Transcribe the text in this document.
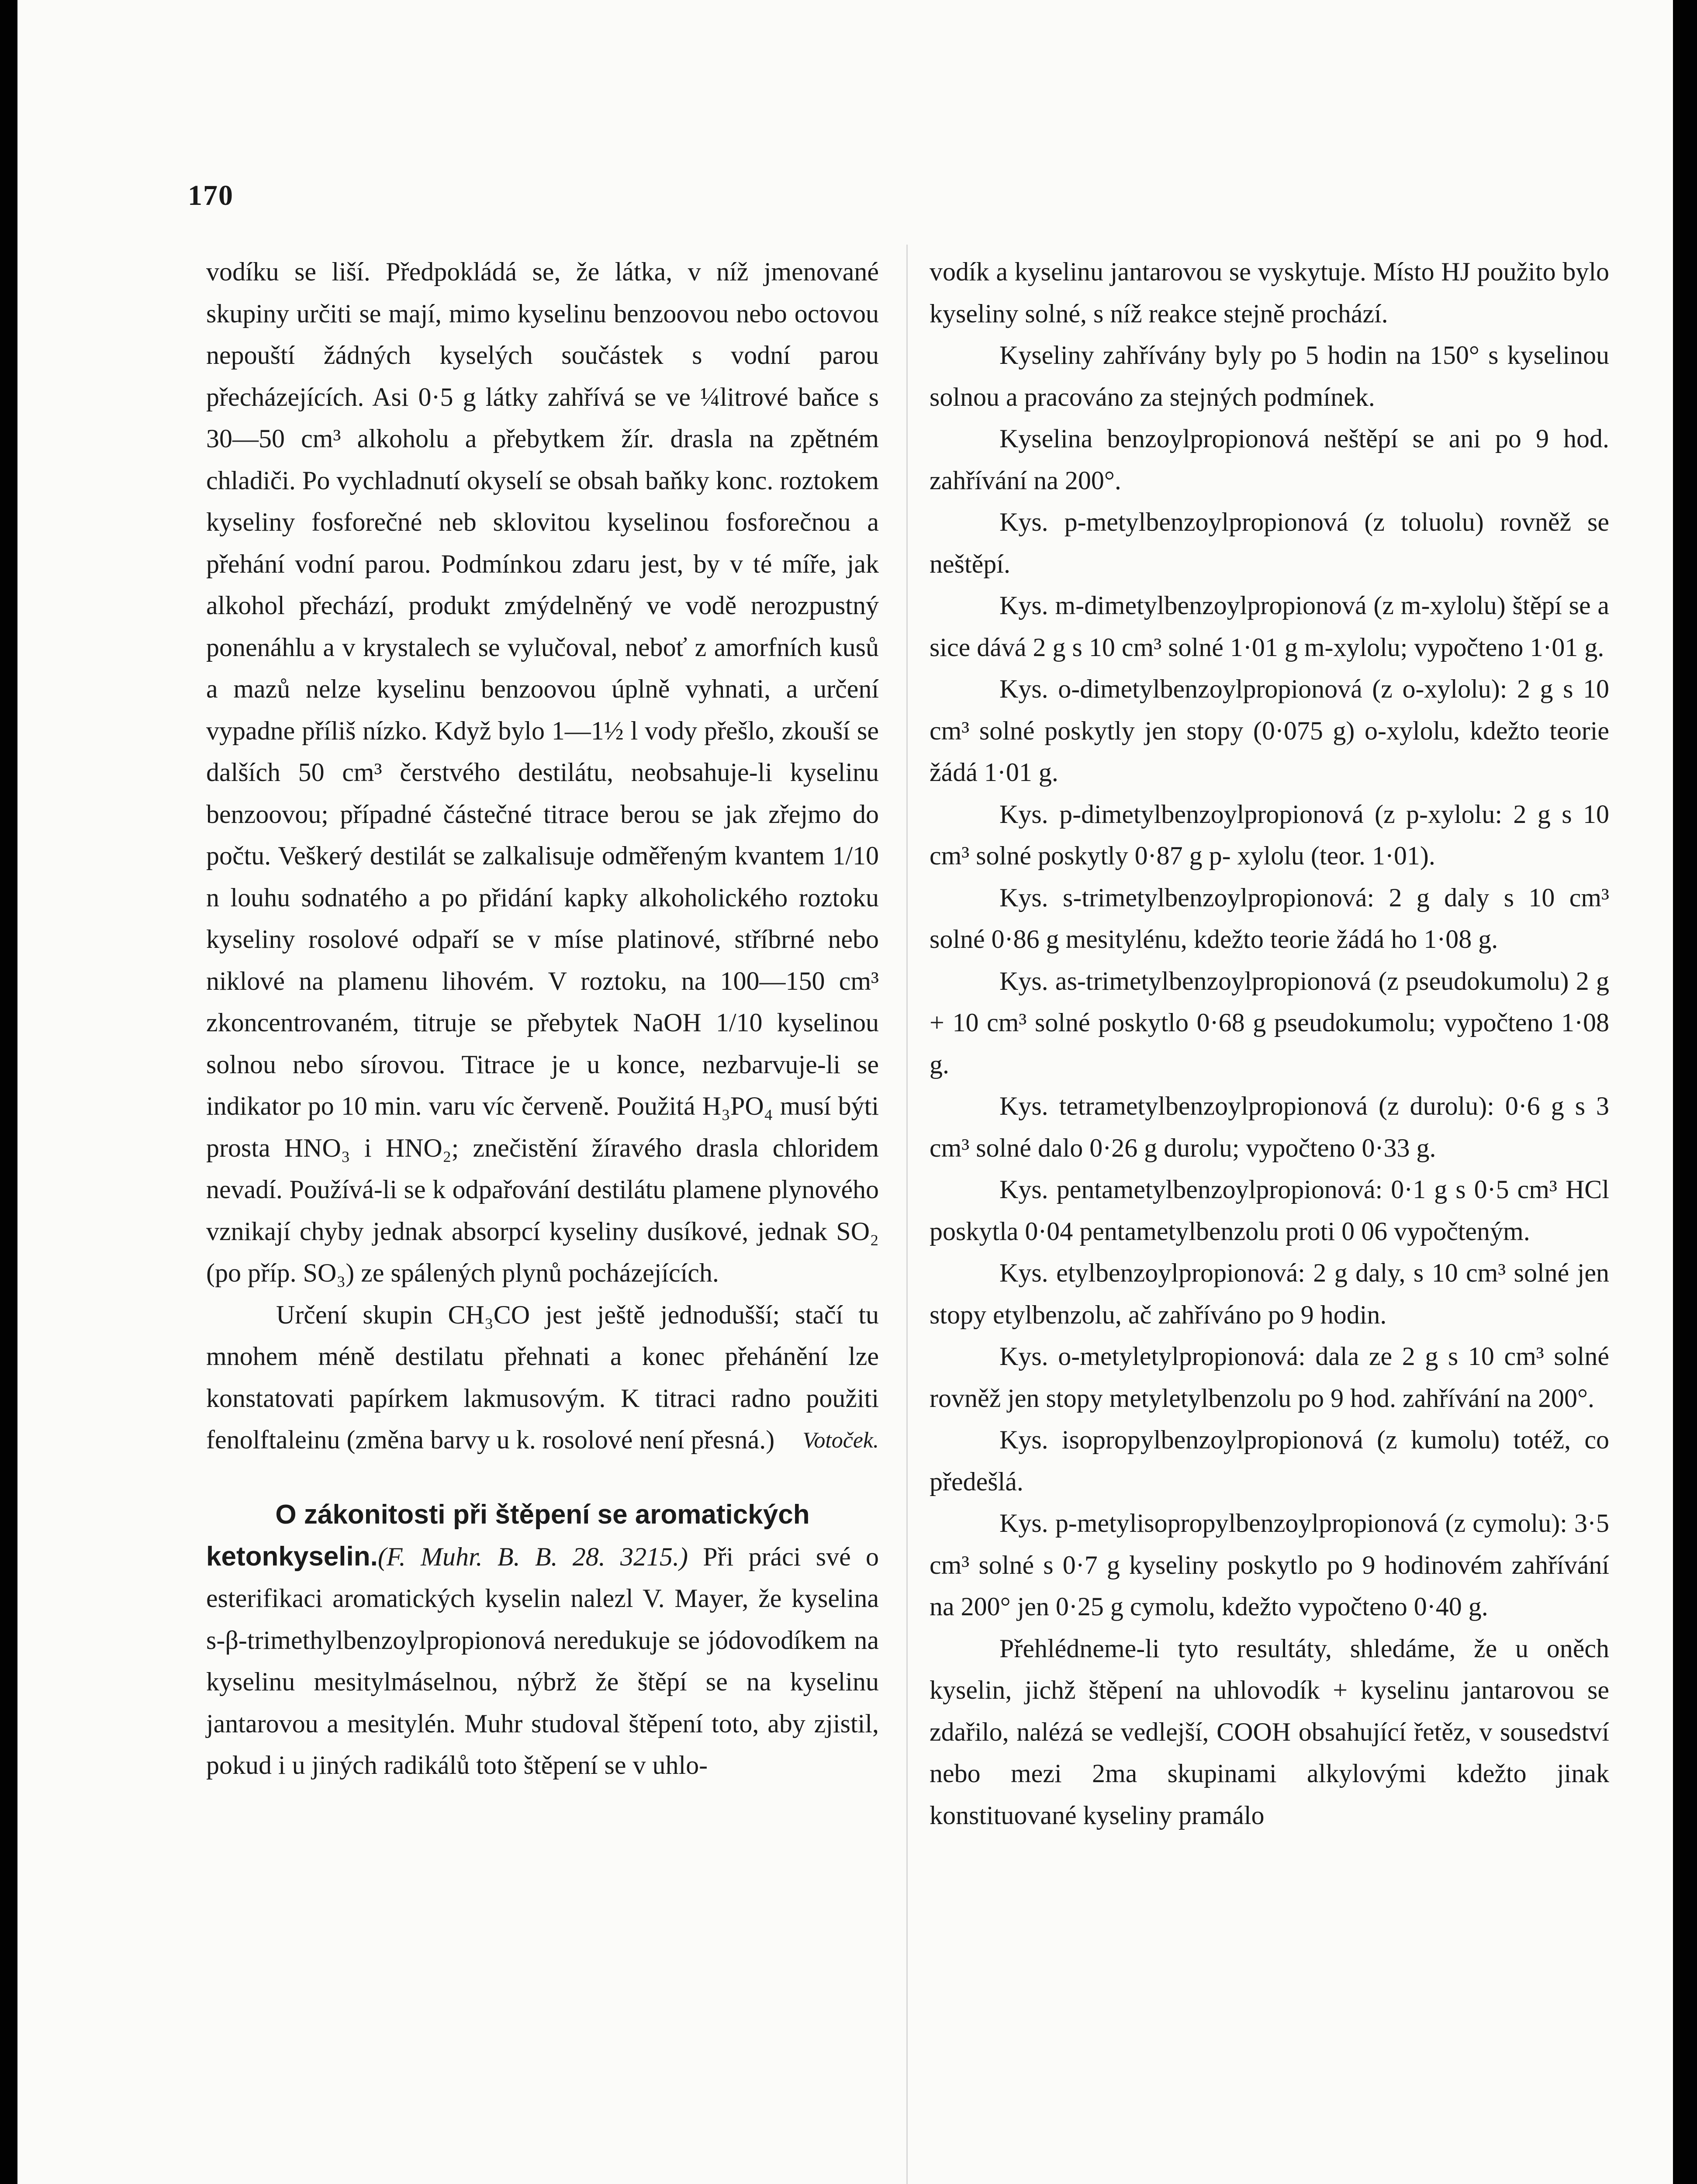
170

vodíku se liší. Předpokládá se, že látka, v níž jmenované skupiny určiti se mají, mimo kyselinu benzoovou nebo octovou nepouští žádných kyselých součástek s vodní parou přecházejících. Asi 0·5 g látky zahřívá se ve ¼litrové baňce s 30—50 cm³ alkoholu a přebytkem žír. drasla na zpětném chladiči. Po vychladnutí okyselí se obsah baňky konc. roztokem kyseliny fosforečné neb sklovitou kyselinou fosforečnou a přehání vodní parou. Podmínkou zdaru jest, by v té míře, jak alkohol přechází, produkt zmýdelněný ve vodě nerozpustný ponenáhlu a v krystalech se vylučoval, neboť z amorfních kusů a mazů nelze kyselinu benzoovou úplně vyhnati, a určení vypadne příliš nízko. Když bylo 1—1½ l vody přešlo, zkouší se dalších 50 cm³ čerstvého destilátu, neobsahuje-li kyselinu benzoovou; případné částečné titrace berou se jak zřejmo do počtu. Veškerý destilát se zalkalisuje odměřeným kvantem 1/10 n louhu sodnatého a po přidání kapky alkoholického roztoku kyseliny rosolové odpaří se v míse platinové, stříbrné nebo niklové na plamenu lihovém. V roztoku, na 100—150 cm³ zkoncentrovaném, titruje se přebytek NaOH 1/10 kyselinou solnou nebo sírovou. Titrace je u konce, nezbarvuje-li se indikator po 10 min. varu víc červeně. Použitá H₃PO₄ musí býti prosta HNO₃ i HNO₂; znečistění žíravého drasla chloridem nevadí. Používá-li se k odpařování destilátu plamene plynového vznikají chyby jednak absorpcí kyseliny dusíkové, jednak SO₂ (po příp. SO₃) ze spálených plynů pocházejících.

Určení skupin CH₃CO jest ještě jednodušší; stačí tu mnohem méně destilatu přehnati a konec přehánění lze konstatovati papírkem lakmusovým. K titraci radno použiti fenolftaleinu (změna barvy u k. rosolové není přesná.)	Votoček.
O zákonitosti při štěpení se aromatických

ketonkyselin.(F. Muhr. B. B. 28. 3215.) Při práci své o esterifikaci aromatických kyselin nalezl V. Mayer, že kyselina s-β-trimethylbenzoylpropionová neredukuje se jódovodíkem na kyselinu mesitylmáselnou, nýbrž že štěpí se na kyselinu jantarovou a mesitylén. Muhr studoval štěpení toto, aby zjistil, pokud i u jiných radikálů toto štěpení se v uhlo-

vodík a kyselinu jantarovou se vyskytuje. Místo HJ použito bylo kyseliny solné, s níž reakce stejně prochází.

Kyseliny zahřívány byly po 5 hodin na 150° s kyselinou solnou a pracováno za stejných podmínek.

Kyselina benzoylpropionová neštěpí se ani po 9 hod. zahřívání na 200°.

Kys. p-metylbenzoylpropionová (z toluolu) rovněž se neštěpí.

Kys. m-dimetylbenzoylpropionová (z m-xylolu) štěpí se a sice dává 2 g s 10 cm³ solné 1·01 g m-xylolu; vypočteno 1·01 g.

Kys. o-dimetylbenzoylpropionová (z o-xylolu): 2 g s 10 cm³ solné poskytly jen stopy (0·075 g) o-xylolu, kdežto teorie žádá 1·01 g.

Kys. p-dimetylbenzoylpropionová (z p-xylolu: 2 g s 10 cm³ solné poskytly 0·87 g p- xylolu (teor. 1·01).

Kys. s-trimetylbenzoylpropionová: 2 g daly s 10 cm³ solné 0·86 g mesitylénu, kdežto teorie žádá ho 1·08 g.

Kys. as-trimetylbenzoylpropionová (z pseudokumolu) 2 g + 10 cm³ solné poskytlo 0·68 g pseudokumolu; vypočteno 1·08 g.

Kys. tetrametylbenzoylpropionová (z durolu): 0·6 g s 3 cm³ solné dalo 0·26 g durolu; vypočteno 0·33 g.

Kys. pentametylbenzoylpropionová: 0·1 g s 0·5 cm³ HCl poskytla 0·04 pentametylbenzolu proti 0 06 vypočteným.

Kys. etylbenzoylpropionová: 2 g daly, s 10 cm³ solné jen stopy etylbenzolu, ač zahříváno po 9 hodin.

Kys. o-metyletylpropionová: dala ze 2 g s 10 cm³ solné rovněž jen stopy metyletylbenzolu po 9 hod. zahřívání na 200°.

Kys. isopropylbenzoylpropionová (z kumolu) totéž, co předešlá.

Kys. p-metylisopropylbenzoylpropionová (z cymolu): 3·5 cm³ solné s 0·7 g kyseliny poskytlo po 9 hodinovém zahřívání na 200° jen 0·25 g cymolu, kdežto vypočteno 0·40 g.

Přehlédneme-li tyto resultáty, shledáme, že u oněch kyselin, jichž štěpení na uhlovodík + kyselinu jantarovou se zdařilo, nalézá se vedlejší, COOH obsahující řetěz, v sousedství nebo mezi 2ma skupinami alkylovými kdežto jinak konstituované kyseliny pramálo
